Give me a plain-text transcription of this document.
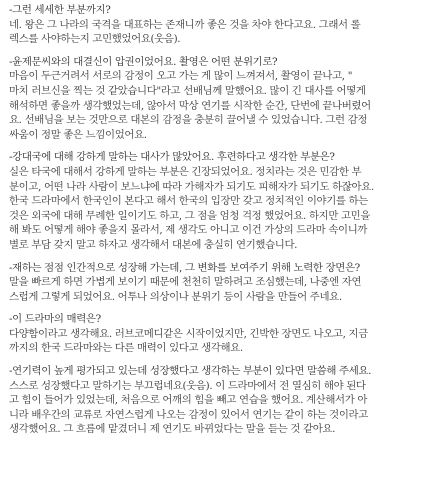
-그런 세세한 부분까지?
네. 왕은 그 나라의 국격을 대표하는 존재니까 좋은 것을 차야 한다고요. 그래서 롤
렉스를 사야하는지 고민했었어요(웃음).
-윤제문씨와의 대결신이 압권이었어요. 촬영은 어떤 분위기로?
마음이 두근거려서 서로의 감정이 오고 가는 게 많이 느껴져서, 촬영이 끝나고, "
마치 러브신을 찍는 것 같았습니다"라고 선배님께 말했어요. 많이 긴 대사를 어떻게
해석하면 좋을까 생각했었는데, 않아서 막상 연기를 시작한 순간, 단번에 끝나버렸어
요. 선배님을 보는 것만으로 대본의 감정을 충분히 끌어낼 수 있었습니다. 그런 감정
싸움이 정말 좋은 느낌이었어요.
-강대국에 대해 강하게 말하는 대사가 많았어요. 후련하다고 생각한 부분은?
실은 타국에 대해서 강하게 말하는 부분은 긴장되었어요. 정치라는 것은 민감한 부
분이고, 어떤 나라 사람이 보느냐에 따라 가해자가 되기도 피해자가 되기도 하잖아요.
한국 드라마에서 한국인이 본다고 해서 한국의 입장만 갖고 정치적인 이야기를 하는
것은 외국에 대해 무례한 일이기도 하고, 그 점을 엄청 걱정 했었어요. 하지만 고민을
해 봐도 어떻게 해야 좋을지 몰라서, 제 생각도 아니고 이건 가상의 드라마 속이니까
별로 부담 갖지 말고 하자고 생각해서 대본에 충실히 연기했습니다.
-재하는 점점 인간적으로 성장해 가는데, 그 변화를 보여주기 위해 노력한 장면은?
말을 빠르게 하면 가볍게 보이기 때문에 천천히 말하려고 조심했는데, 나중엔 자연
스럽게 그렇게 되었어요. 어투나 의상이나 분위기 등이 사람을 만들어 주네요.
-이 드라마의 매력은?
다양함이라고 생각해요. 러브코메디같은 시작이었지만, 긴박한 장면도 나오고, 지금
까지의 한국 드라마와는 다른 매력이 있다고 생각해요.
-연기력이 높게 평가되고 있는데 성장했다고 생각하는 부분이 있다면 말씀해 주세요.
스스로 성장했다고 말하기는 부끄럽네요(웃음). 이 드라마에서 전 열심히 해야 된다
고 힘이 들어가 있었는데, 처음으로 어깨의 힘을 빼고 연습을 했어요. 계산해서가 아
니라 배우간의 교류로 자연스럽게 나오는 감정이 있어서 연기는 같이 하는 것이라고
생각했어요. 그 흐름에 맡겼더니 제 연기도 바뀌었다는 말을 듣는 것 같아요.
